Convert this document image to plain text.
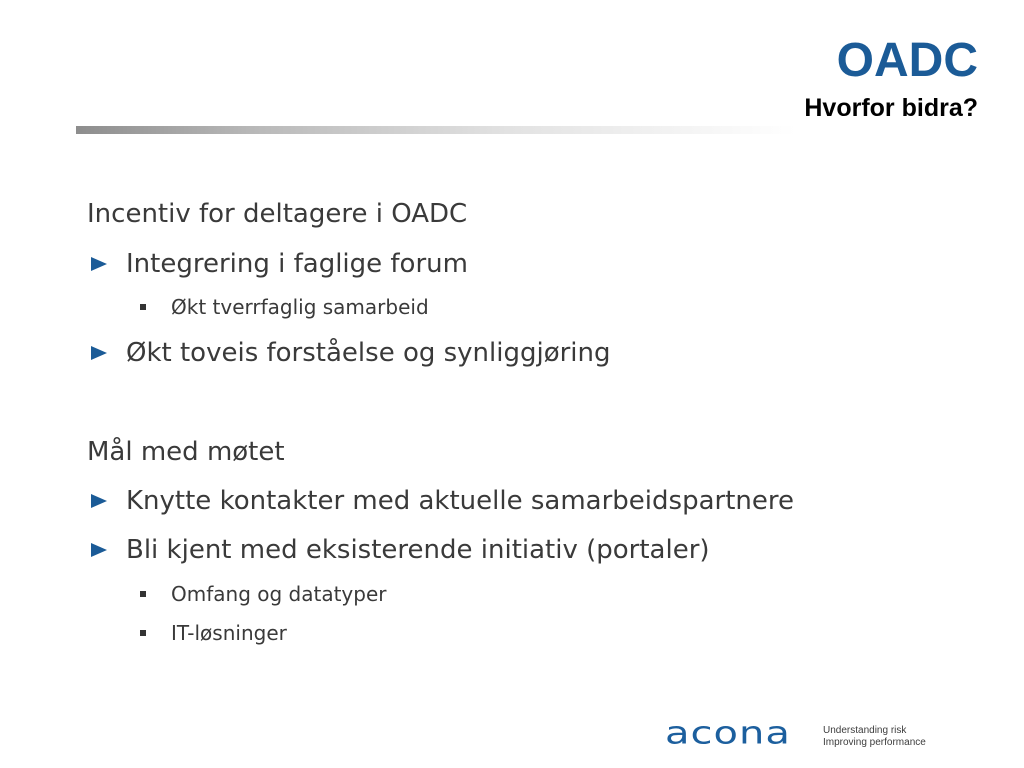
OADC
Hvorfor bidra?
Incentiv for deltagere i OADC
Integrering i faglige forum
Økt tverrfaglig samarbeid
Økt toveis forståelse og synliggjøring
Mål med møtet
Knytte kontakter med aktuelle samarbeidspartnere
Bli kjent med eksisterende initiativ (portaler)
Omfang og datatyper
IT-løsninger
acona	Understanding risk
Improving performance
